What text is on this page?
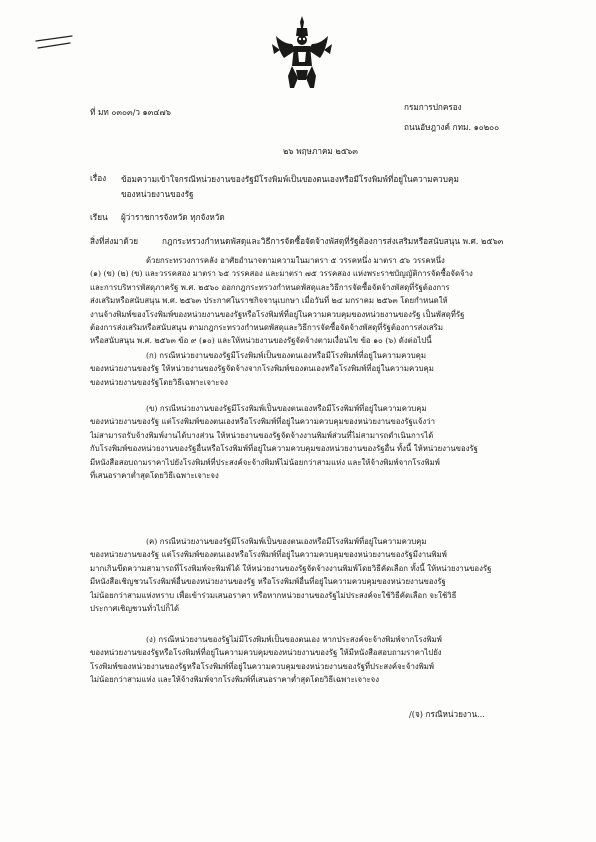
ที่ มท ๐๓๐๓/ว ๑๓๔๗๖	กรมการปกครอง
ถนนอัษฎางค์ กทม. ๑๐๒๐๐
๒๖ พฤษภาคม ๒๕๖๓
เรื่อง ข้อมความเข้าใจกรณีหน่วยงานของรัฐมีโรงพิมพ์เป็นของตนเองหรือมีโรงพิมพ์ที่อยู่ในความควบคุม
ของหน่วยงานของรัฐ
เรียน ผู้ว่าราชการจังหวัด ทุกจังหวัด
สิ่งที่ส่งมาด้วย	กฎกระทรวงกำหนดพัสดุและวิธีการจัดซื้อจัดจ้างพัสดุที่รัฐต้องการส่งเสริมหรือสนับสนุน พ.ศ. ๒๕๖๓
ด้วยกระทรวงการคลัง อาศัยอำนาจตามความในมาตรา ๕ วรรคหนึ่ง มาตรา ๕๖ วรรคหนึ่ง
(๑) (ข) (๒) (ข) และวรรคสอง มาตรา ๖๕ วรรคสอง และมาตรา ๗๕ วรรคสอง แห่งพระราชบัญญัติการจัดซื้อจัดจ้าง
และการบริหารพัสดุภาครัฐ พ.ศ. ๒๕๖๐ ออกกฎกระทรวงกำหนดพัสดุและวิธีการจัดซื้อจัดจ้างพัสดุที่รัฐต้องการ
ส่งเสริมหรือสนับสนุน พ.ศ. ๒๕๖๓ ประกาศในราชกิจจานุเบกษา เมื่อวันที่ ๒๔ มกราคม ๒๕๖๓ โดยกำหนดให้
งานจ้างพิมพ์ของโรงพิมพ์ของหน่วยงานของรัฐหรือโรงพิมพ์ที่อยู่ในความควบคุมของหน่วยงานของรัฐ เป็นพัสดุที่รัฐ
ต้องการส่งเสริมหรือสนับสนุน ตามกฎกระทรวงกำหนดพัสดุและวิธีการจัดซื้อจัดจ้างพัสดุที่รัฐต้องการส่งเสริม
หรือสนับสนุน พ.ศ. ๒๕๖๓ ข้อ ๙ (๑๐) และให้หน่วยงานของรัฐจัดจ้างตามเงื่อนไข ข้อ ๑๐ (๖) ดังต่อไปนี้
(ก) กรณีหน่วยงานของรัฐมีโรงพิมพ์เป็นของตนเองหรือมีโรงพิมพ์ที่อยู่ในความควบคุม
ของหน่วยงานของรัฐ ให้หน่วยงานของรัฐจัดจ้างจากโรงพิมพ์ของตนเองหรือโรงพิมพ์ที่อยู่ในความควบคุม
ของหน่วยงานของรัฐโดยวิธีเฉพาะเจาะจง
(ข) กรณีหน่วยงานของรัฐมีโรงพิมพ์เป็นของตนเองหรือมีโรงพิมพ์ที่อยู่ในความควบคุม
ของหน่วยงานของรัฐ แต่โรงพิมพ์ของตนเองหรือโรงพิมพ์ที่อยู่ในความควบคุมของหน่วยงานของรัฐแจ้งว่า
ไม่สามารถรับจ้างพิมพ์งานได้บางส่วน ให้หน่วยงานของรัฐจัดจ้างงานพิมพ์ส่วนที่ไม่สามารถดำเนินการได้
กับโรงพิมพ์ของหน่วยงานของรัฐอื่นหรือโรงพิมพ์ที่อยู่ในความควบคุมของหน่วยงานของรัฐอื่น ทั้งนี้ ให้หน่วยงานของรัฐ
มีหนังสือสอบถามราคาไปยังโรงพิมพ์ที่ประสงค์จะจ้างพิมพ์ไม่น้อยกว่าสามแห่ง และให้จ้างพิมพ์จากโรงพิมพ์
ที่เสนอราคาต่ำสุดโดยวิธีเฉพาะเจาะจง
(ค) กรณีหน่วยงานของรัฐมีโรงพิมพ์เป็นของตนเองหรือมีโรงพิมพ์ที่อยู่ในความควบคุม
ของหน่วยงานของรัฐ แต่โรงพิมพ์ของตนเองหรือโรงพิมพ์ที่อยู่ในความควบคุมของหน่วยงานของรัฐมีงานพิมพ์
มากเกินขีดความสามารถที่โรงพิมพ์จะพิมพ์ได้ ให้หน่วยงานของรัฐจัดจ้างงานพิมพ์โดยวิธีคัดเลือก ทั้งนี้ ให้หน่วยงานของรัฐ
มีหนังสือเชิญชวนโรงพิมพ์อื่นของหน่วยงานของรัฐ หรือโรงพิมพ์อื่นที่อยู่ในความควบคุมของหน่วยงานของรัฐ
ไม่น้อยกว่าสามแห่งทราบ เพื่อเข้าร่วมเสนอราคา หรือหากหน่วยงานของรัฐไม่ประสงค์จะใช้วิธีคัดเลือก จะใช้วิธี
ประกาศเชิญชวนทั่วไปก็ได้
(ง) กรณีหน่วยงานของรัฐไม่มีโรงพิมพ์เป็นของตนเอง หากประสงค์จะจ้างพิมพ์จากโรงพิมพ์
ของหน่วยงานของรัฐหรือโรงพิมพ์ที่อยู่ในความควบคุมของหน่วยงานของรัฐ ให้มีหนังสือสอบถามราคาไปยัง
โรงพิมพ์ของหน่วยงานของรัฐหรือโรงพิมพ์ที่อยู่ในความควบคุมของหน่วยงานของรัฐที่ประสงค์จะจ้างพิมพ์
ไม่น้อยกว่าสามแห่ง และให้จ้างพิมพ์จากโรงพิมพ์ที่เสนอราคาต่ำสุดโดยวิธีเฉพาะเจาะจง
/(จ) กรณีหน่วยงาน...
